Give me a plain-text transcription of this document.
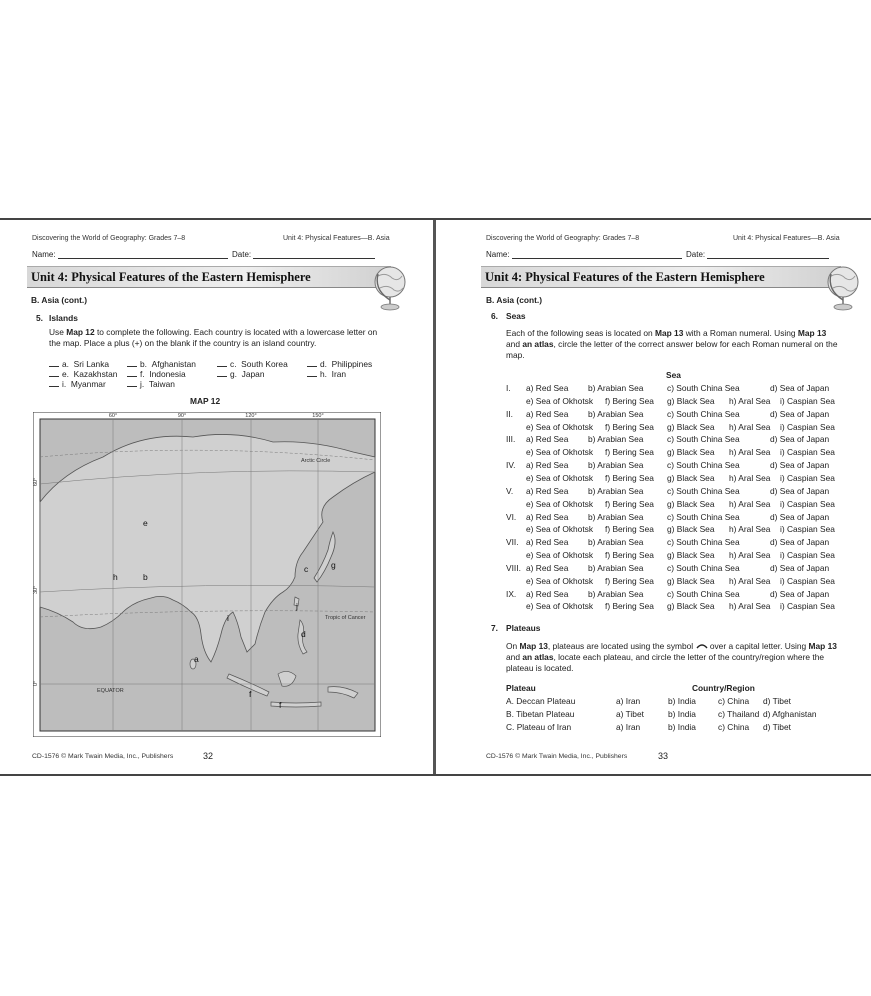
Discovering the World of Geography: Grades 7–8	Unit 4: Physical Features—B. Asia
Name:	Date:
Unit 4: Physical Features of the Eastern Hemisphere
B. Asia (cont.)
5. Islands
Use Map 12 to complete the following. Each country is located with a lowercase letter on the map. Place a plus (+) on the blank if the country is an island country.
a. Sri Lanka	b. Afghanistan	c. South Korea	d. Philippines
e. Kazakhstan	f. Indonesia	g. Japan	h. Iran
i. Myanmar	j. Taiwan
MAP 12
60°	90°	120°	150°
60°
30°
0°
Arctic Circle
Tropic of Cancer
EQUATOR
e
h	b
c	g
j
i
d
a
f
f
CD-1576 © Mark Twain Media, Inc., Publishers	32
Discovering the World of Geography: Grades 7–8	Unit 4: Physical Features—B. Asia
Name:	Date:
Unit 4: Physical Features of the Eastern Hemisphere
B. Asia (cont.)
6. Seas
Each of the following seas is located on Map 13 with a Roman numeral. Using Map 13 and an atlas, circle the letter of the correct answer below for each Roman numeral on the map.
Sea
I. a) Red Sea b) Arabian Sea	c) South China Sea	d) Sea of Japan
e) Sea of Okhotsk f) Bering Sea g) Black Sea h) Aral Sea i) Caspian Sea
II. a) Red Sea b) Arabian Sea	c) South China Sea	d) Sea of Japan
e) Sea of Okhotsk f) Bering Sea g) Black Sea h) Aral Sea i) Caspian Sea
III. a) Red Sea b) Arabian Sea	c) South China Sea	d) Sea of Japan
e) Sea of Okhotsk f) Bering Sea g) Black Sea h) Aral Sea i) Caspian Sea
IV. a) Red Sea b) Arabian Sea	c) South China Sea	d) Sea of Japan
e) Sea of Okhotsk f) Bering Sea g) Black Sea h) Aral Sea i) Caspian Sea
V. a) Red Sea b) Arabian Sea	c) South China Sea	d) Sea of Japan
e) Sea of Okhotsk f) Bering Sea g) Black Sea h) Aral Sea i) Caspian Sea
VI. a) Red Sea b) Arabian Sea	c) South China Sea	d) Sea of Japan
e) Sea of Okhotsk f) Bering Sea g) Black Sea h) Aral Sea i) Caspian Sea
VII. a) Red Sea b) Arabian Sea	c) South China Sea	d) Sea of Japan
e) Sea of Okhotsk f) Bering Sea g) Black Sea h) Aral Sea i) Caspian Sea
VIII. a) Red Sea b) Arabian Sea	c) South China Sea	d) Sea of Japan
e) Sea of Okhotsk f) Bering Sea g) Black Sea h) Aral Sea i) Caspian Sea
IX. a) Red Sea b) Arabian Sea	c) South China Sea	d) Sea of Japan
e) Sea of Okhotsk f) Bering Sea g) Black Sea h) Aral Sea i) Caspian Sea
7. Plateaus
On Map 13, plateaus are located using the symbol  over a capital letter. Using Map 13 and an atlas, locate each plateau, and circle the letter of the country/region where the plateau is located.
Plateau	Country/Region
A. Deccan Plateau	a) Iran	b) India	c) China d) Tibet
B. Tibetan Plateau	a) Tibet	b) India	c) Thailand d) Afghanistan
C. Plateau of Iran	a) Iran	b) India	c) China d) Tibet
CD-1576 © Mark Twain Media, Inc., Publishers	33
